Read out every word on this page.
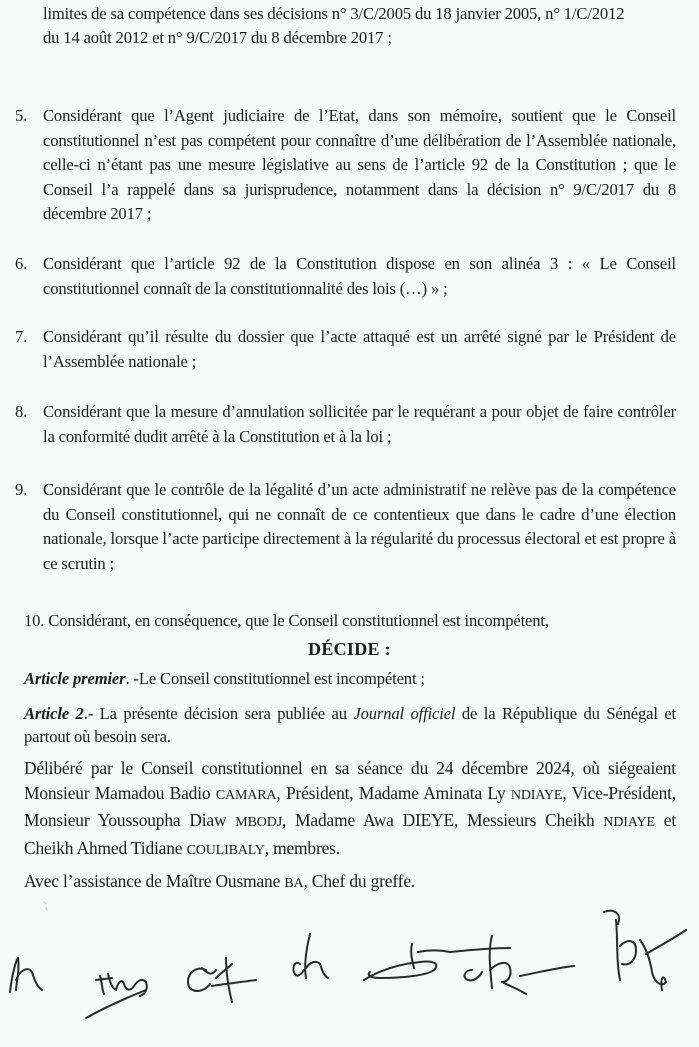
limites de sa compétence dans ses décisions n° 3/C/2005 du 18 janvier 2005, n° 1/C/2012
du 14 août 2012 et n° 9/C/2017 du 8 décembre 2017 ;
5. Considérant que l’Agent judiciaire de l’Etat, dans son mémoire, soutient que le Conseil constitutionnel n’est pas compétent pour connaître d’une délibération de l’Assemblée nationale, celle-ci n’étant pas une mesure législative au sens de l’article 92 de la Constitution ; que le Conseil l’a rappelé dans sa jurisprudence, notamment dans la décision n° 9/C/2017 du 8 décembre 2017 ;
6. Considérant que l’article 92 de la Constitution dispose en son alinéa 3 : « Le Conseil constitutionnel connaît de la constitutionnalité des lois (…) » ;
7. Considérant qu’il résulte du dossier que l’acte attaqué est un arrêté signé par le Président de l’Assemblée nationale ;
8. Considérant que la mesure d’annulation sollicitée par le requérant a pour objet de faire contrôler la conformité dudit arrêté à la Constitution et à la loi ;
9. Considérant que le contrôle de la légalité d’un acte administratif ne relève pas de la compétence du Conseil constitutionnel, qui ne connaît de ce contentieux que dans le cadre d’une élection nationale, lorsque l’acte participe directement à la régularité du processus électoral et est propre à ce scrutin ;
10. Considérant, en conséquence, que le Conseil constitutionnel est incompétent,
DÉCIDE :
Article premier. -Le Conseil constitutionnel est incompétent ;
Article 2.- La présente décision sera publiée au Journal officiel de la République du Sénégal et partout où besoin sera.
Délibéré par le Conseil constitutionnel en sa séance du 24 décembre 2024, où siégeaient Monsieur Mamadou Badio CAMARA, Président, Madame Aminata Ly NDIAYE, Vice-Président, Monsieur Youssoupha Diaw MBODJ, Madame Awa DIEYE, Messieurs Cheikh NDIAYE et Cheikh Ahmed Tidiane COULIBALY, membres.
Avec l’assistance de Maître Ousmane BA, Chef du greffe.
